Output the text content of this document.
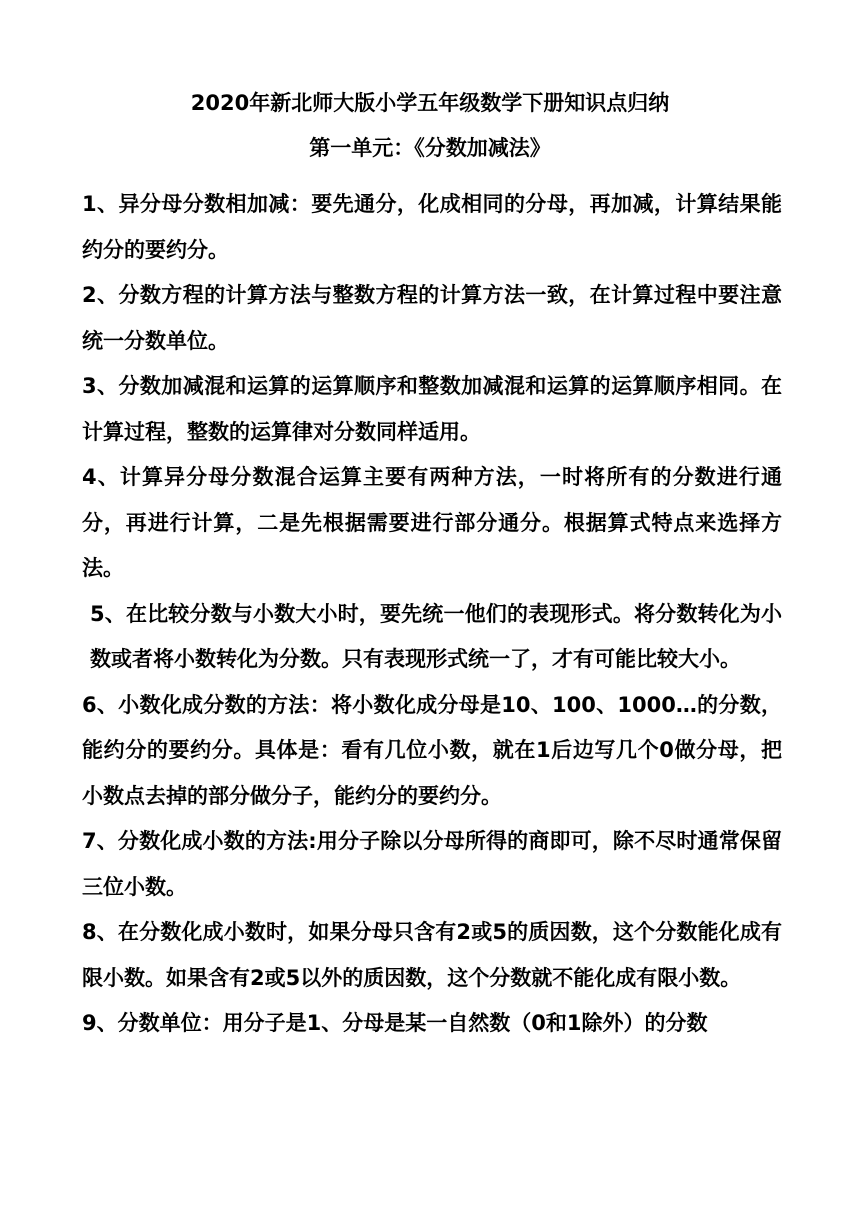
2020年新北师大版小学五年级数学下册知识点归纳
第一单元：《分数加减法》

1、异分母分数相加减：要先通分，化成相同的分母，再加减，计算结果能约分的要约分。

2、分数方程的计算方法与整数方程的计算方法一致，在计算过程中要注意统一分数单位。

3、分数加减混和运算的运算顺序和整数加减混和运算的运算顺序相同。在计算过程，整数的运算律对分数同样适用。

4、计算异分母分数混合运算主要有两种方法，一时将所有的分数进行通分，再进行计算，二是先根据需要进行部分通分。根据算式特点来选择方法。

5、在比较分数与小数大小时，要先统一他们的表现形式。将分数转化为小数或者将小数转化为分数。只有表现形式统一了，才有可能比较大小。

6、小数化成分数的方法：将小数化成分母是10、100、1000…的分数，能约分的要约分。具体是：看有几位小数，就在1后边写几个0做分母，把小数点去掉的部分做分子，能约分的要约分。

7、分数化成小数的方法:用分子除以分母所得的商即可，除不尽时通常保留三位小数。

8、在分数化成小数时，如果分母只含有2或5的质因数，这个分数能化成有限小数。如果含有2或5以外的质因数，这个分数就不能化成有限小数。

9、分数单位：用分子是1、分母是某一自然数（0和1除外）的分数
